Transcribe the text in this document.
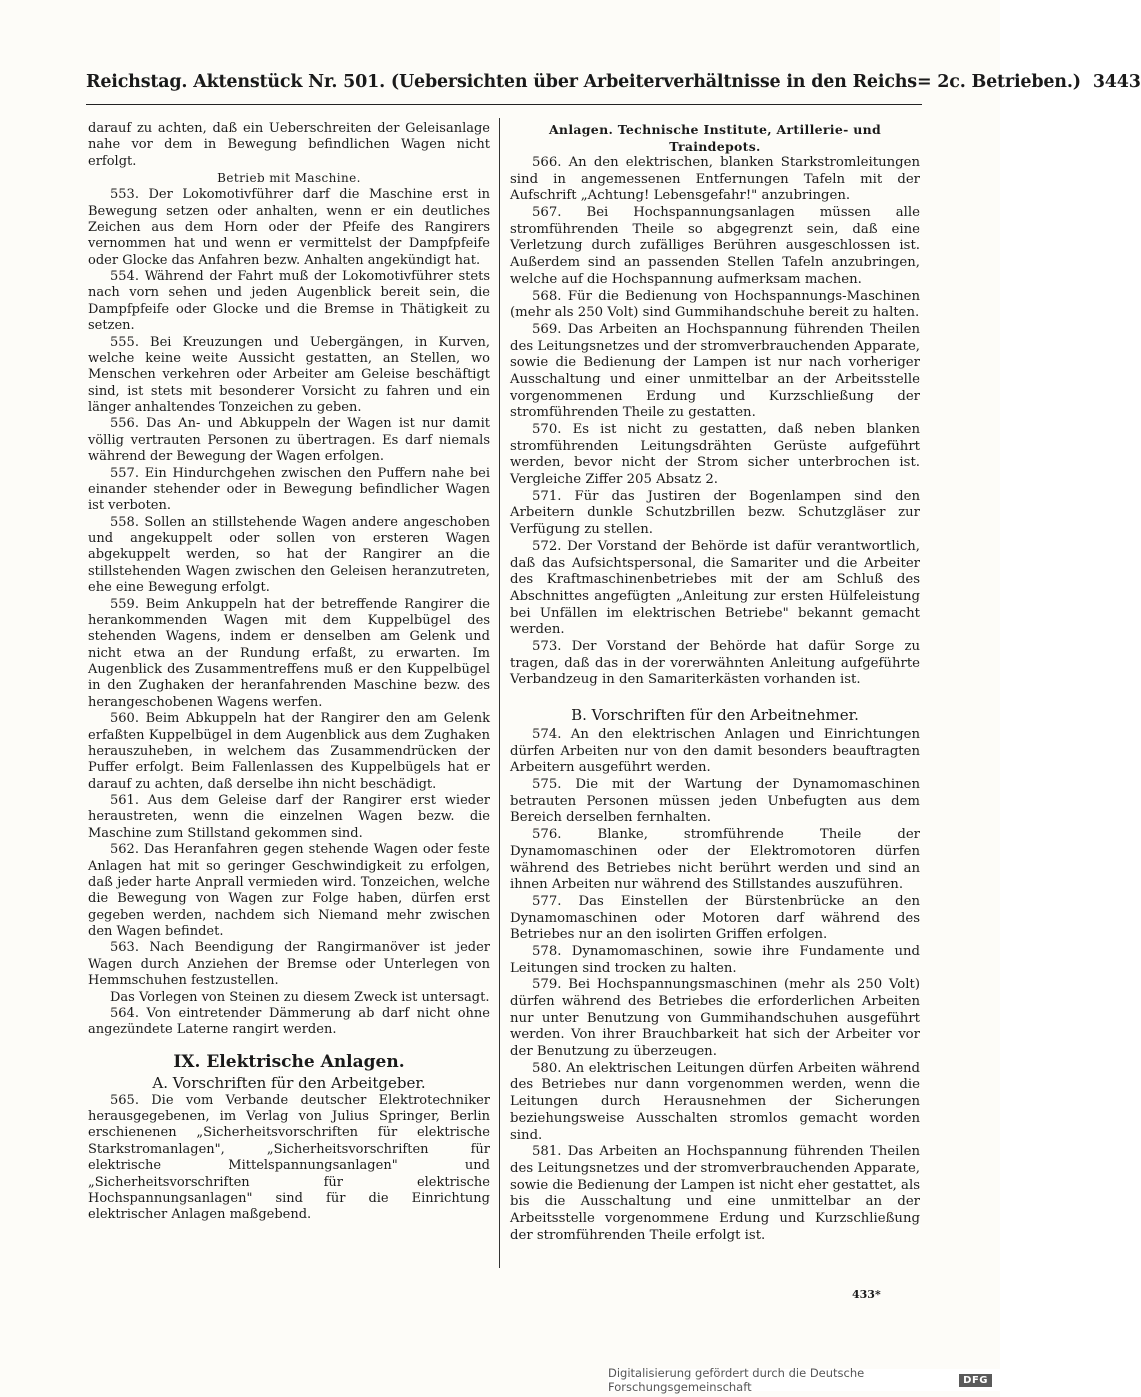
Reichstag. Aktenstück Nr. 501. (Uebersichten über Arbeiterverhältnisse in den Reichs= 2c. Betrieben.) 3443

darauf zu achten, daß ein Ueberschreiten der Geleisanlage nahe vor dem in Bewegung befindlichen Wagen nicht erfolgt.

Betrieb mit Maschine.

553. Der Lokomotivführer darf die Maschine erst in Bewegung setzen oder anhalten, wenn er ein deutliches Zeichen aus dem Horn oder der Pfeife des Rangirers vernommen hat und wenn er vermittelst der Dampfpfeife oder Glocke das Anfahren bezw. Anhalten angekündigt hat.

554. Während der Fahrt muß der Lokomotivführer stets nach vorn sehen und jeden Augenblick bereit sein, die Dampfpfeife oder Glocke und die Bremse in Thätigkeit zu setzen.

555. Bei Kreuzungen und Uebergängen, in Kurven, welche keine weite Aussicht gestatten, an Stellen, wo Menschen verkehren oder Arbeiter am Geleise beschäftigt sind, ist stets mit besonderer Vorsicht zu fahren und ein länger anhaltendes Tonzeichen zu geben.

556. Das An- und Abkuppeln der Wagen ist nur damit völlig vertrauten Personen zu übertragen. Es darf niemals während der Bewegung der Wagen erfolgen.

557. Ein Hindurchgehen zwischen den Puffern nahe bei einander stehender oder in Bewegung befindlicher Wagen ist verboten.

558. Sollen an stillstehende Wagen andere angeschoben und angekuppelt oder sollen von ersteren Wagen abgekuppelt werden, so hat der Rangirer an die stillstehenden Wagen zwischen den Geleisen heranzutreten, ehe eine Bewegung erfolgt.

559. Beim Ankuppeln hat der betreffende Rangirer die herankommenden Wagen mit dem Kuppelbügel des stehenden Wagens, indem er denselben am Gelenk und nicht etwa an der Rundung erfaßt, zu erwarten. Im Augenblick des Zusammentreffens muß er den Kuppelbügel in den Zughaken der heranfahrenden Maschine bezw. des herangeschobenen Wagens werfen.

560. Beim Abkuppeln hat der Rangirer den am Gelenk erfaßten Kuppelbügel in dem Augenblick aus dem Zughaken herauszuheben, in welchem das Zusammendrücken der Puffer erfolgt. Beim Fallenlassen des Kuppelbügels hat er darauf zu achten, daß derselbe ihn nicht beschädigt.

561. Aus dem Geleise darf der Rangirer erst wieder heraustreten, wenn die einzelnen Wagen bezw. die Maschine zum Stillstand gekommen sind.

562. Das Heranfahren gegen stehende Wagen oder feste Anlagen hat mit so geringer Geschwindigkeit zu erfolgen, daß jeder harte Anprall vermieden wird. Tonzeichen, welche die Bewegung von Wagen zur Folge haben, dürfen erst gegeben werden, nachdem sich Niemand mehr zwischen den Wagen befindet.

563. Nach Beendigung der Rangirmanöver ist jeder Wagen durch Anziehen der Bremse oder Unterlegen von Hemmschuhen festzustellen.

Das Vorlegen von Steinen zu diesem Zweck ist untersagt.

564. Von eintretender Dämmerung ab darf nicht ohne angezündete Laterne rangirt werden.

IX. Elektrische Anlagen.
A. Vorschriften für den Arbeitgeber.

565. Die vom Verbande deutscher Elektrotechniker herausgegebenen, im Verlag von Julius Springer, Berlin erschienenen „Sicherheitsvorschriften für elektrische Starkstromanlagen", „Sicherheitsvorschriften für elektrische Mittelspannungsanlagen" und „Sicherheitsvorschriften für elektrische Hochspannungsanlagen" sind für die Einrichtung elektrischer Anlagen maßgebend.

Anlagen. Technische Institute, Artillerie- und Traindepots.

566. An den elektrischen, blanken Starkstromleitungen sind in angemessenen Entfernungen Tafeln mit der Aufschrift „Achtung! Lebensgefahr!" anzubringen.

567. Bei Hochspannungsanlagen müssen alle stromführenden Theile so abgegrenzt sein, daß eine Verletzung durch zufälliges Berühren ausgeschlossen ist. Außerdem sind an passenden Stellen Tafeln anzubringen, welche auf die Hochspannung aufmerksam machen.

568. Für die Bedienung von Hochspannungs-Maschinen (mehr als 250 Volt) sind Gummihandschuhe bereit zu halten.

569. Das Arbeiten an Hochspannung führenden Theilen des Leitungsnetzes und der stromverbrauchenden Apparate, sowie die Bedienung der Lampen ist nur nach vorheriger Ausschaltung und einer unmittelbar an der Arbeitsstelle vorgenommenen Erdung und Kurzschließung der stromführenden Theile zu gestatten.

570. Es ist nicht zu gestatten, daß neben blanken stromführenden Leitungsdrähten Gerüste aufgeführt werden, bevor nicht der Strom sicher unterbrochen ist. Vergleiche Ziffer 205 Absatz 2.

571. Für das Justiren der Bogenlampen sind den Arbeitern dunkle Schutzbrillen bezw. Schutzgläser zur Verfügung zu stellen.

572. Der Vorstand der Behörde ist dafür verantwortlich, daß das Aufsichtspersonal, die Samariter und die Arbeiter des Kraftmaschinenbetriebes mit der am Schluß des Abschnittes angefügten „Anleitung zur ersten Hülfeleistung bei Unfällen im elektrischen Betriebe" bekannt gemacht werden.

573. Der Vorstand der Behörde hat dafür Sorge zu tragen, daß das in der vorerwähnten Anleitung aufgeführte Verbandzeug in den Samariterkästen vorhanden ist.

B. Vorschriften für den Arbeitnehmer.

574. An den elektrischen Anlagen und Einrichtungen dürfen Arbeiten nur von den damit besonders beauftragten Arbeitern ausgeführt werden.

575. Die mit der Wartung der Dynamomaschinen betrauten Personen müssen jeden Unbefugten aus dem Bereich derselben fernhalten.

576. Blanke, stromführende Theile der Dynamomaschinen oder der Elektromotoren dürfen während des Betriebes nicht berührt werden und sind an ihnen Arbeiten nur während des Stillstandes auszuführen.

577. Das Einstellen der Bürstenbrücke an den Dynamomaschinen oder Motoren darf während des Betriebes nur an den isolirten Griffen erfolgen.

578. Dynamomaschinen, sowie ihre Fundamente und Leitungen sind trocken zu halten.

579. Bei Hochspannungsmaschinen (mehr als 250 Volt) dürfen während des Betriebes die erforderlichen Arbeiten nur unter Benutzung von Gummihandschuhen ausgeführt werden. Von ihrer Brauchbarkeit hat sich der Arbeiter vor der Benutzung zu überzeugen.

580. An elektrischen Leitungen dürfen Arbeiten während des Betriebes nur dann vorgenommen werden, wenn die Leitungen durch Herausnehmen der Sicherungen beziehungsweise Ausschalten stromlos gemacht worden sind.

581. Das Arbeiten an Hochspannung führenden Theilen des Leitungsnetzes und der stromverbrauchenden Apparate, sowie die Bedienung der Lampen ist nicht eher gestattet, als bis die Ausschaltung und eine unmittelbar an der Arbeitsstelle vorgenommene Erdung und Kurzschließung der stromführenden Theile erfolgt ist.

433*
Digitalisierung gefördert durch die Deutsche Forschungsgemeinschaft	DFG
